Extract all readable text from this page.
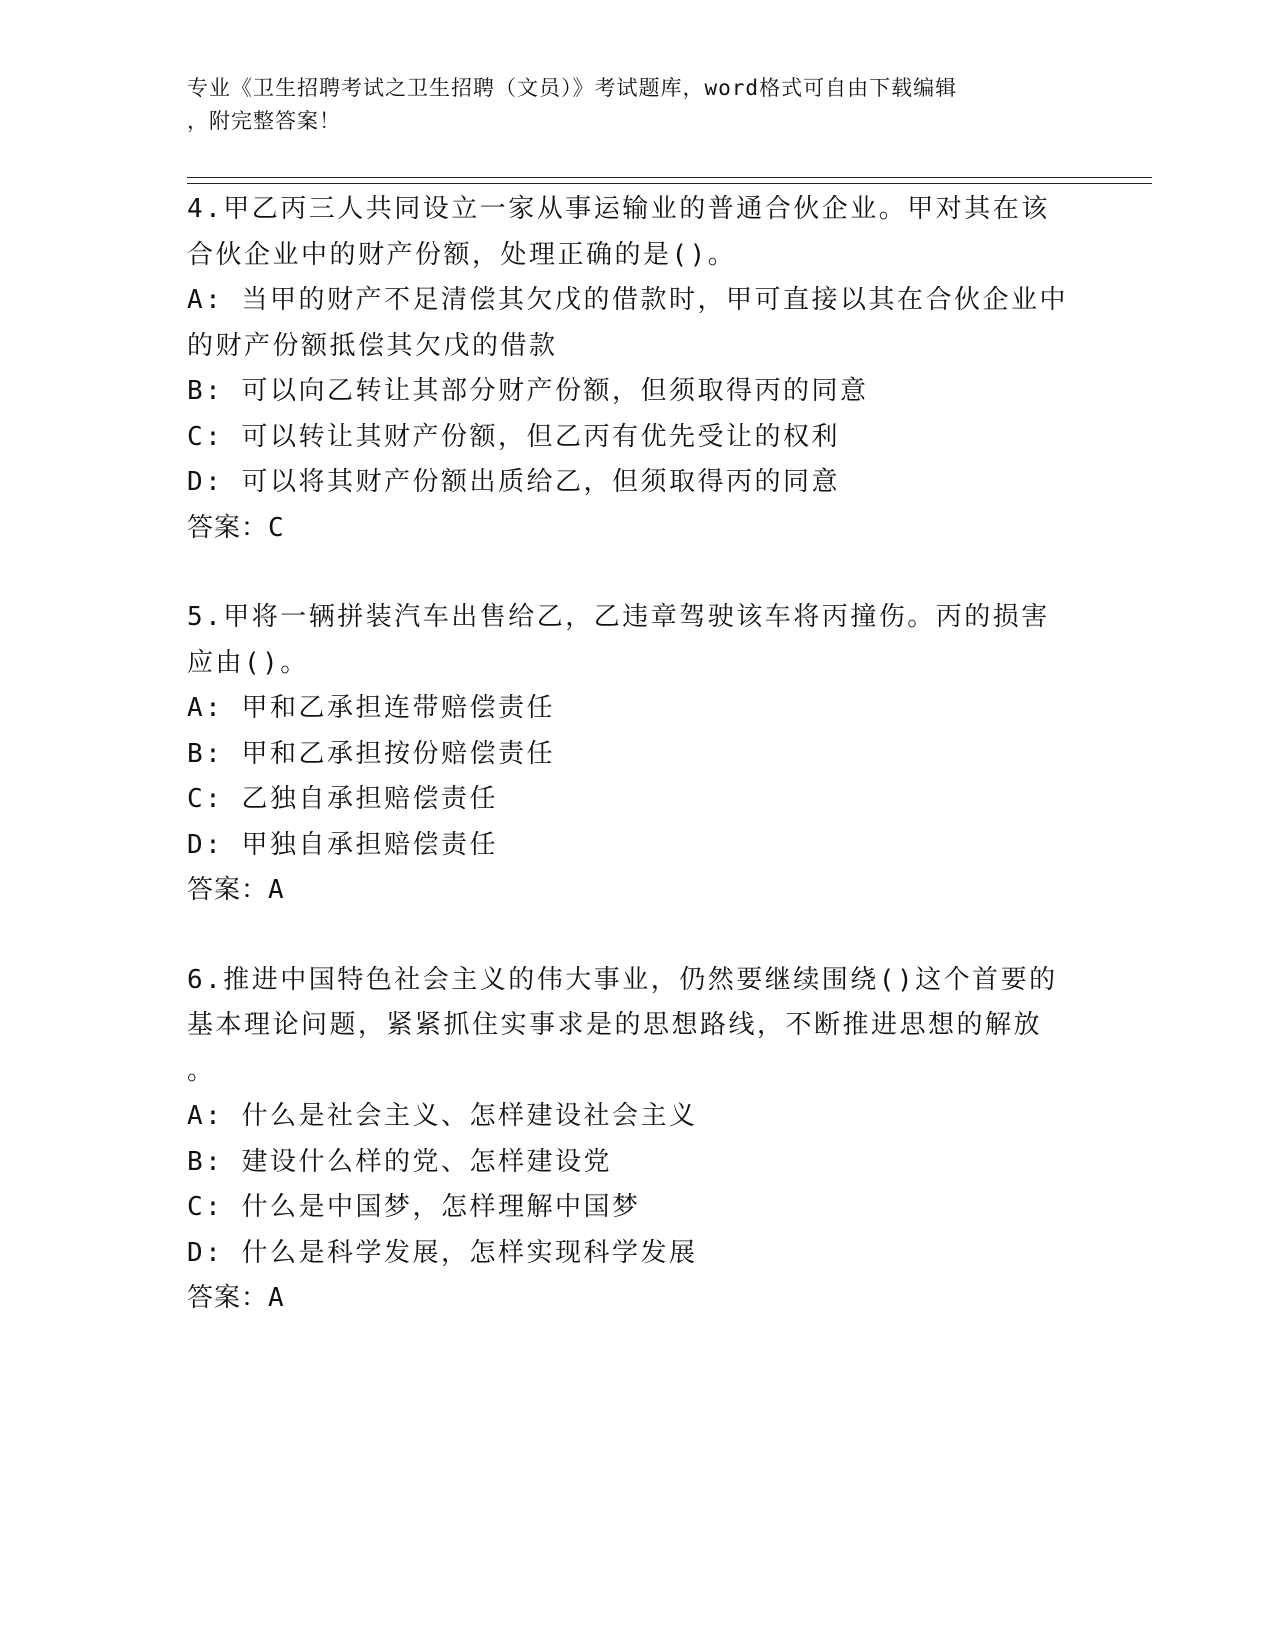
专业《卫生招聘考试之卫生招聘（文员）》考试题库，word格式可自由下载编辑
，附完整答案！

4.甲乙丙三人共同设立一家从事运输业的普通合伙企业。甲对其在该

合伙企业中的财产份额，处理正确的是()。

A: 当甲的财产不足清偿其欠戊的借款时，甲可直接以其在合伙企业中

的财产份额抵偿其欠戊的借款

B: 可以向乙转让其部分财产份额，但须取得丙的同意

C: 可以转让其财产份额，但乙丙有优先受让的权利

D: 可以将其财产份额出质给乙，但须取得丙的同意

答案：C

5.甲将一辆拼装汽车出售给乙，乙违章驾驶该车将丙撞伤。丙的损害

应由()。

A: 甲和乙承担连带赔偿责任

B: 甲和乙承担按份赔偿责任

C: 乙独自承担赔偿责任

D: 甲独自承担赔偿责任

答案：A

6.推进中国特色社会主义的伟大事业，仍然要继续围绕()这个首要的

基本理论问题，紧紧抓住实事求是的思想路线，不断推进思想的解放

。

A: 什么是社会主义、怎样建设社会主义

B: 建设什么样的党、怎样建设党

C: 什么是中国梦，怎样理解中国梦

D: 什么是科学发展，怎样实现科学发展

答案：A
